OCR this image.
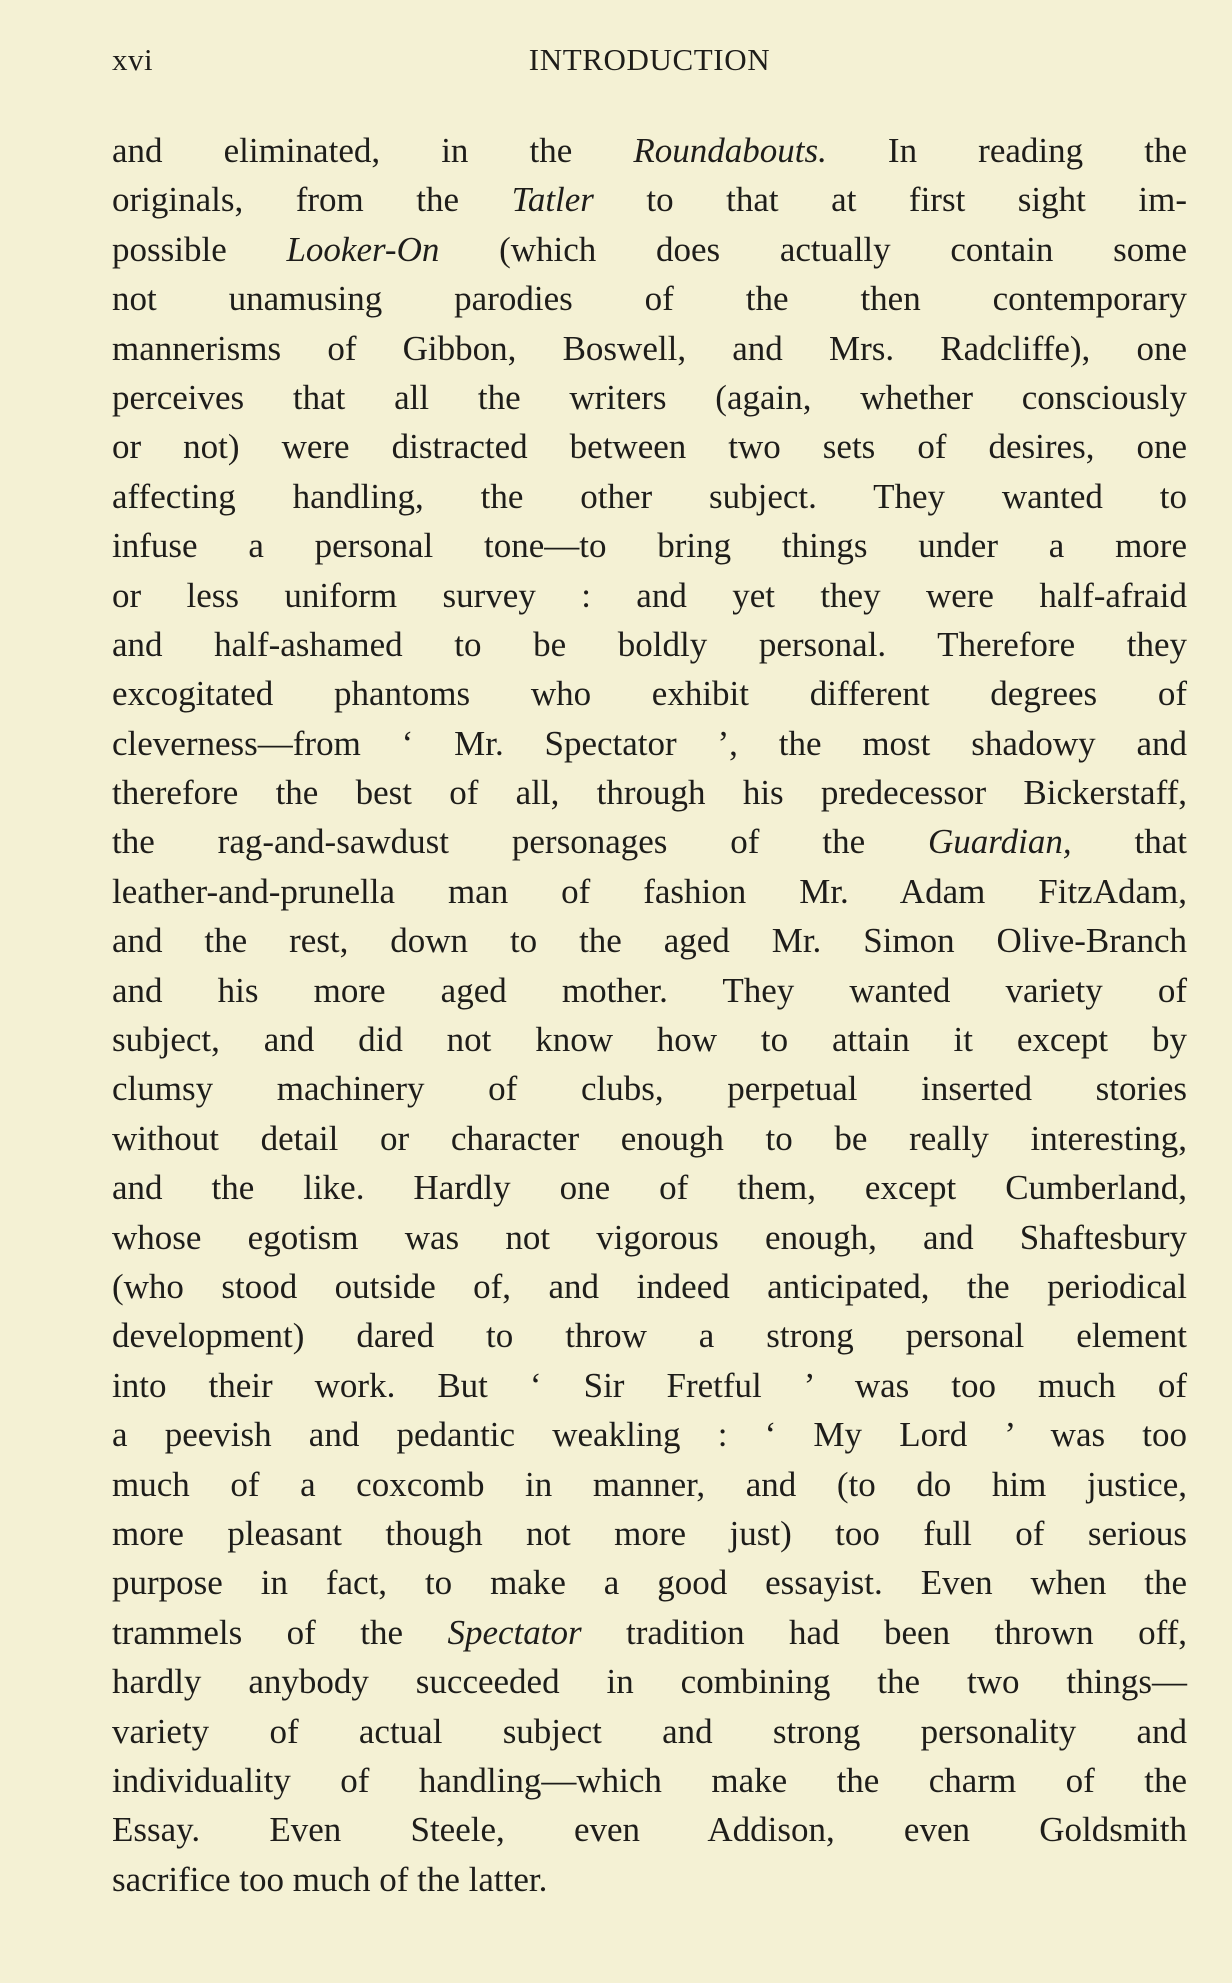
xvi	INTRODUCTION
and eliminated, in the Roundabouts. In reading the
originals, from the Tatler to that at first sight im-
possible Looker-On (which does actually contain some
not unamusing parodies of the then contemporary
mannerisms of Gibbon, Boswell, and Mrs. Radcliffe), one
perceives that all the writers (again, whether consciously
or not) were distracted between two sets of desires, one
affecting handling, the other subject. They wanted to
infuse a personal tone—to bring things under a more
or less uniform survey : and yet they were half-afraid
and half-ashamed to be boldly personal. Therefore they
excogitated phantoms who exhibit different degrees of
cleverness—from ‘ Mr. Spectator ’, the most shadowy and
therefore the best of all, through his predecessor Bickerstaff,
the rag-and-sawdust personages of the Guardian, that
leather-and-prunella man of fashion Mr. Adam FitzAdam,
and the rest, down to the aged Mr. Simon Olive-Branch
and his more aged mother. They wanted variety of
subject, and did not know how to attain it except by
clumsy machinery of clubs, perpetual inserted stories
without detail or character enough to be really interesting,
and the like. Hardly one of them, except Cumberland,
whose egotism was not vigorous enough, and Shaftesbury
(who stood outside of, and indeed anticipated, the periodical
development) dared to throw a strong personal element
into their work. But ‘ Sir Fretful ’ was too much of
a peevish and pedantic weakling : ‘ My Lord ’ was too
much of a coxcomb in manner, and (to do him justice,
more pleasant though not more just) too full of serious
purpose in fact, to make a good essayist. Even when the
trammels of the Spectator tradition had been thrown off,
hardly anybody succeeded in combining the two things—
variety of actual subject and strong personality and
individuality of handling—which make the charm of the
Essay. Even Steele, even Addison, even Goldsmith
sacrifice too much of the latter.
